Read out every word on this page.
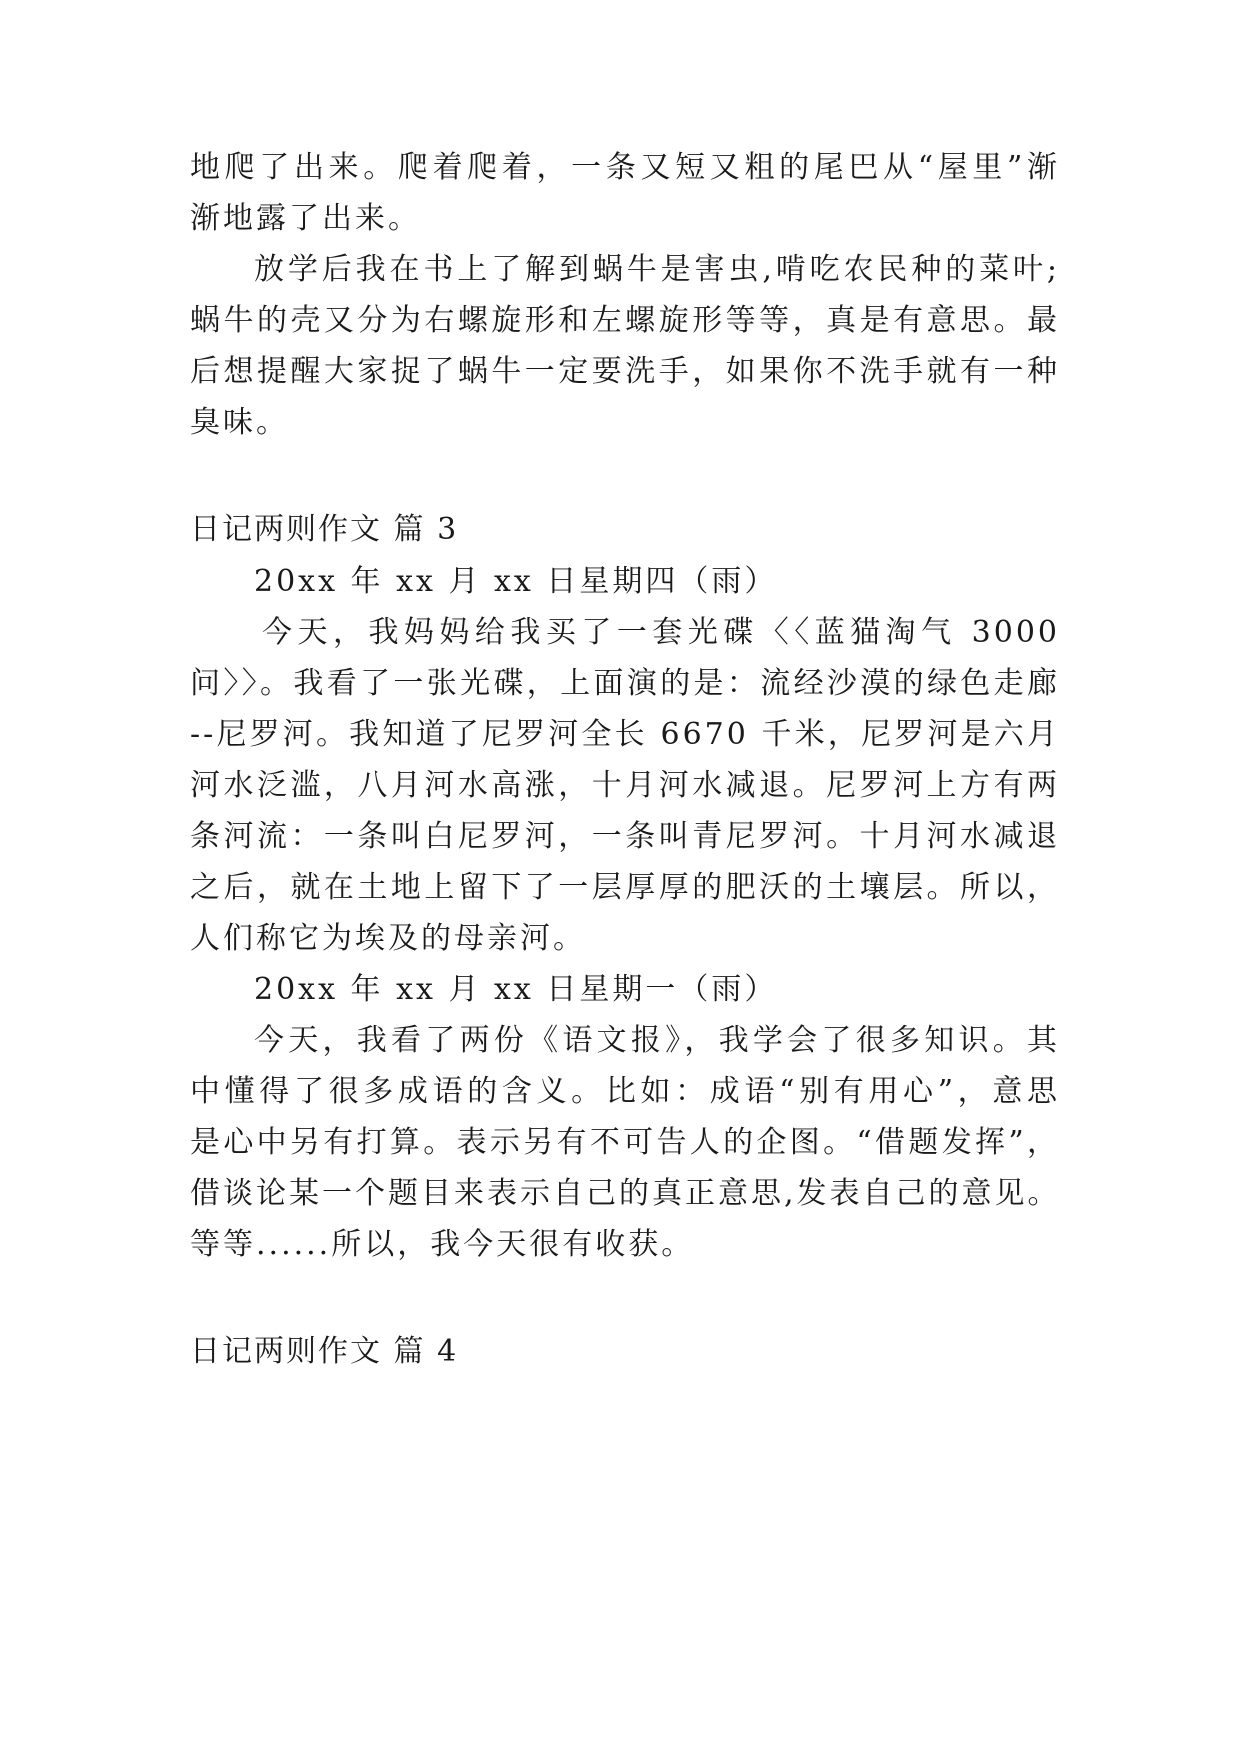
地爬了出来。爬着爬着，一条又短又粗的尾巴从“屋里”渐
渐地露了出来。
放学后我在书上了解到蜗牛是害虫,啃吃农民种的菜叶;
蜗牛的壳又分为右螺旋形和左螺旋形等等，真是有意思。最
后想提醒大家捉了蜗牛一定要洗手，如果你不洗手就有一种
臭味。
日记两则作文 篇 3
20xx 年 xx 月 xx 日星期四（雨）
今天，我妈妈给我买了一套光碟〈〈蓝猫淘气 3000
问〉〉。我看了一张光碟，上面演的是：流经沙漠的绿色走廊
--尼罗河。我知道了尼罗河全长 6670 千米，尼罗河是六月
河水泛滥，八月河水高涨，十月河水减退。尼罗河上方有两
条河流：一条叫白尼罗河，一条叫青尼罗河。十月河水减退
之后，就在土地上留下了一层厚厚的肥沃的土壤层。所以，
人们称它为埃及的母亲河。
20xx 年 xx 月 xx 日星期一（雨）
今天，我看了两份《语文报》，我学会了很多知识。其
中懂得了很多成语的含义。比如：成语“别有用心”，意思
是心中另有打算。表示另有不可告人的企图。“借题发挥”，
借谈论某一个题目来表示自己的真正意思,发表自己的意见。
等等......所以，我今天很有收获。
日记两则作文 篇 4
